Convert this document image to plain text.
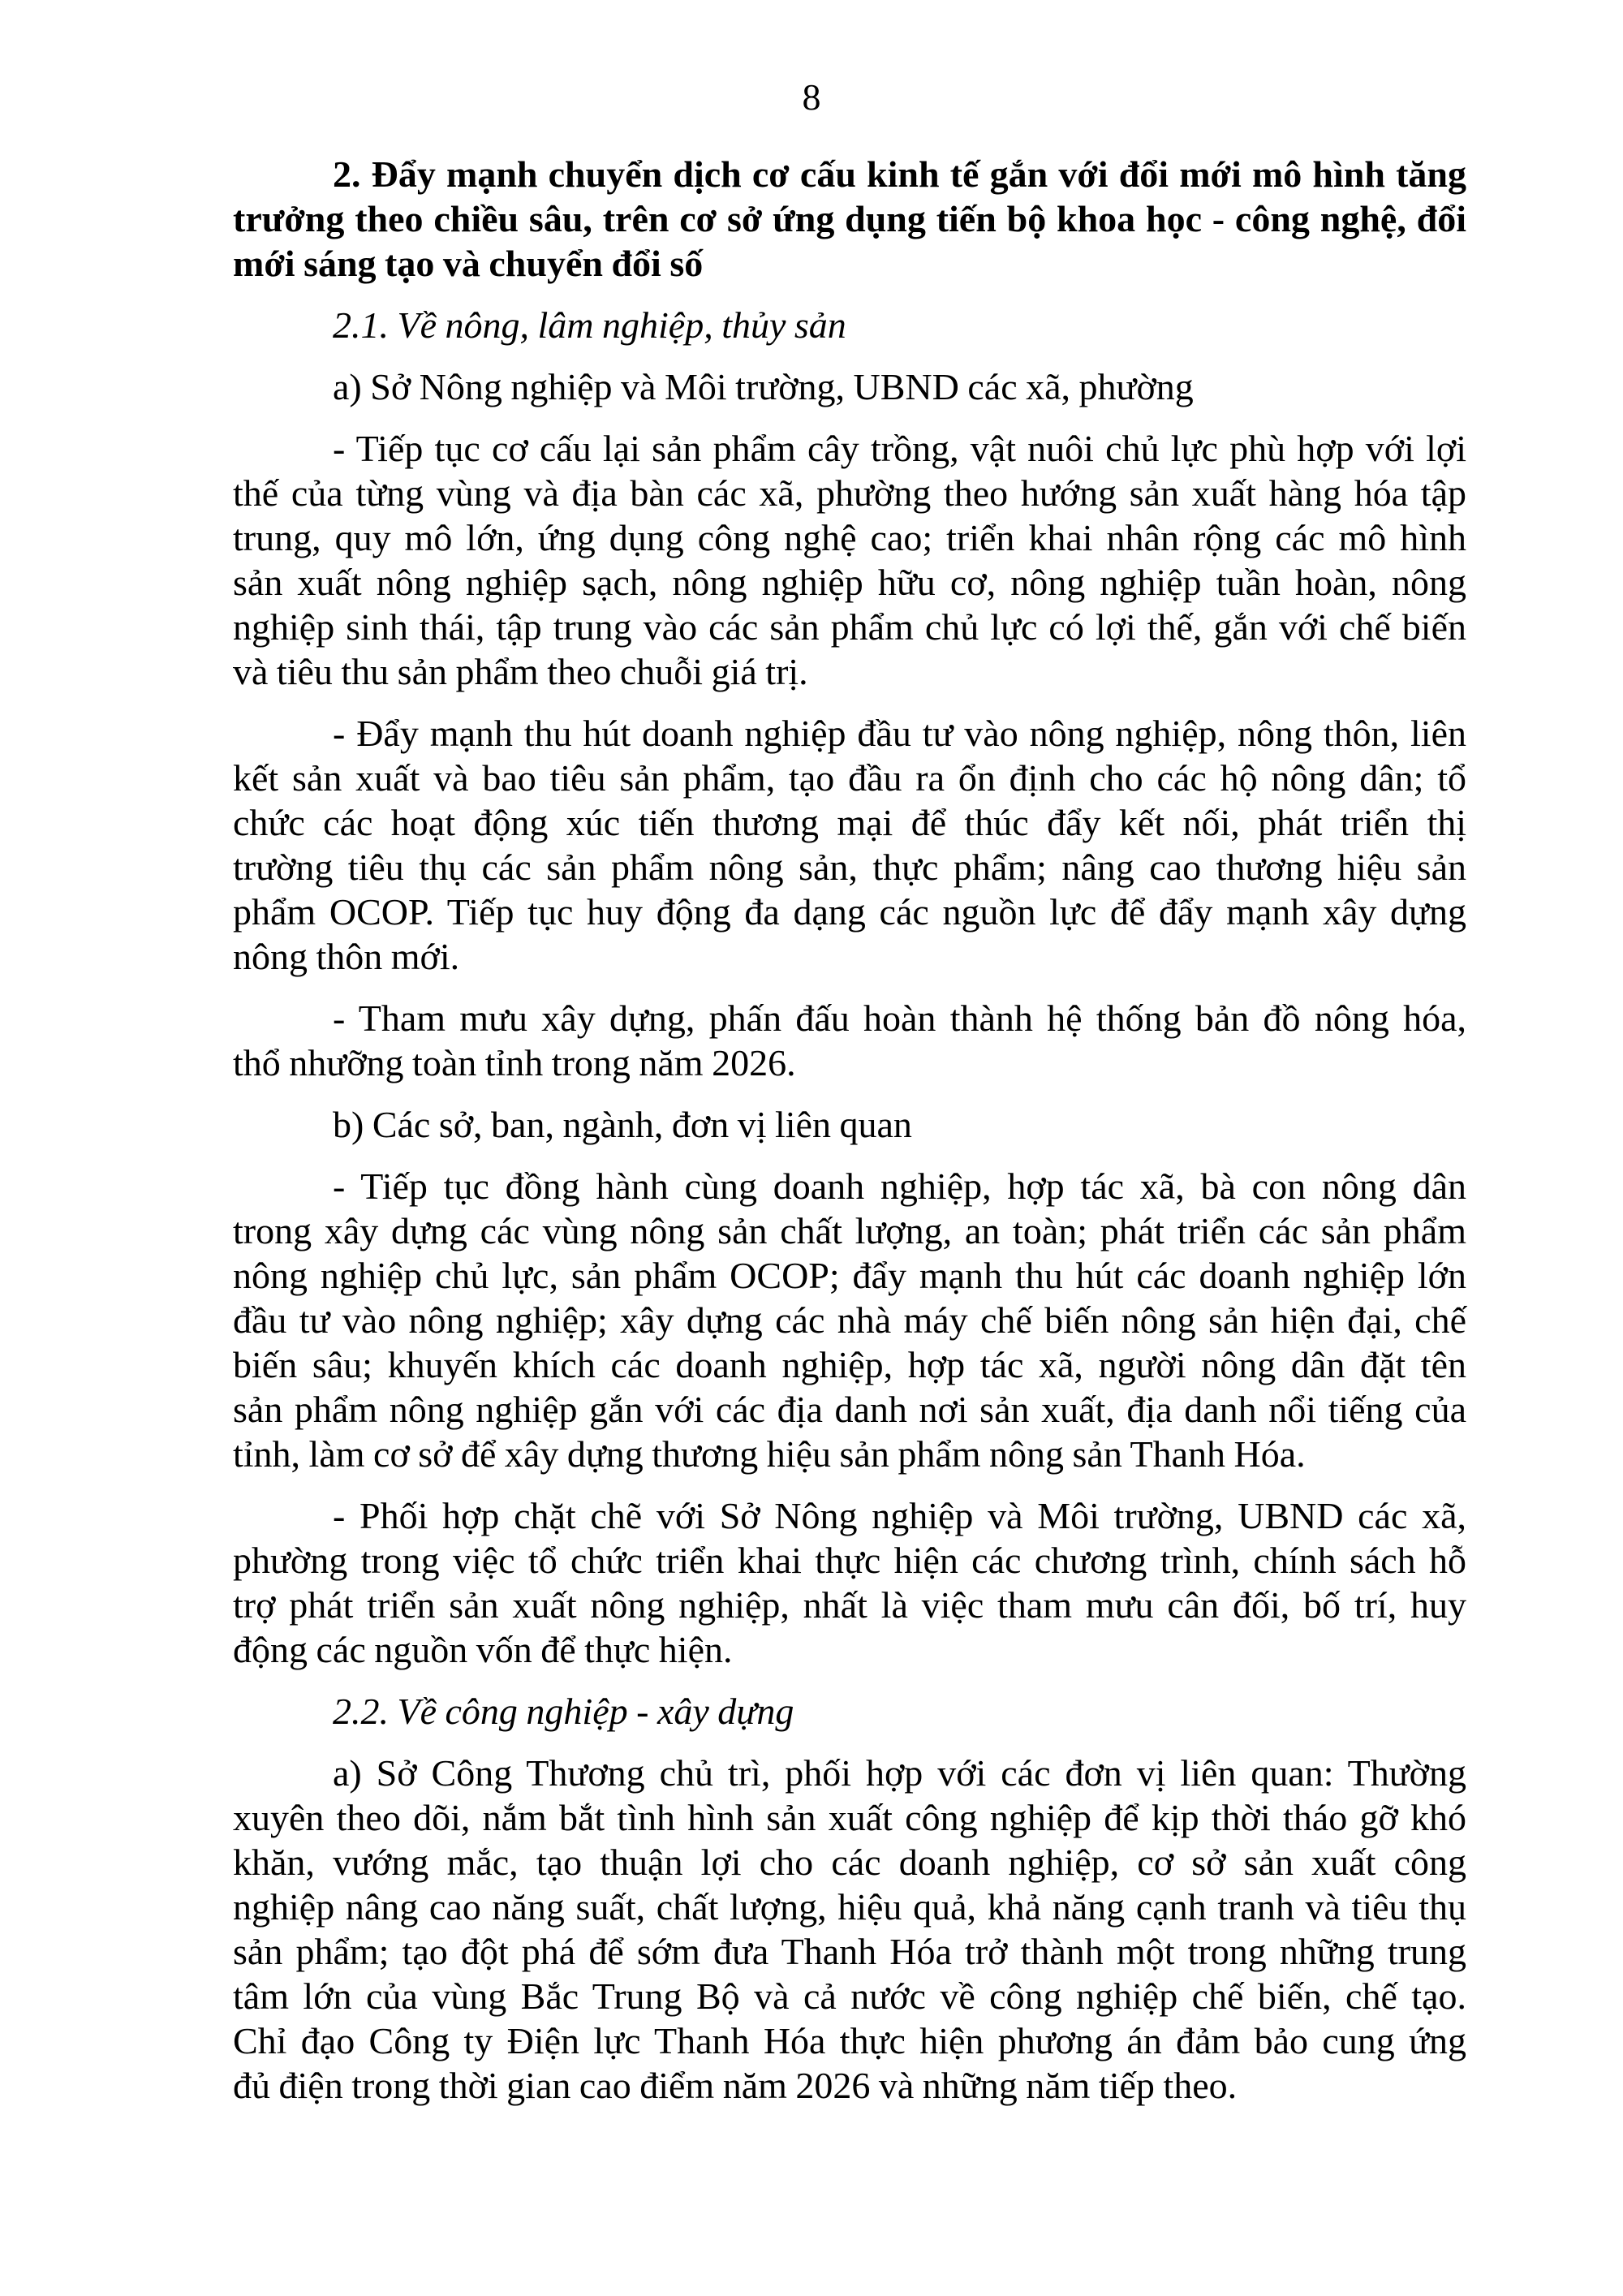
8
2. Đẩy mạnh chuyển dịch cơ cấu kinh tế gắn với đổi mới mô hình tăng
trưởng theo chiều sâu, trên cơ sở ứng dụng tiến bộ khoa học - công nghệ, đổi
mới sáng tạo và chuyển đổi số
2.1. Về nông, lâm nghiệp, thủy sản
a) Sở Nông nghiệp và Môi trường, UBND các xã, phường
- Tiếp tục cơ cấu lại sản phẩm cây trồng, vật nuôi chủ lực phù hợp với lợi
thế của từng vùng và địa bàn các xã, phường theo hướng sản xuất hàng hóa tập
trung, quy mô lớn, ứng dụng công nghệ cao; triển khai nhân rộng các mô hình
sản xuất nông nghiệp sạch, nông nghiệp hữu cơ, nông nghiệp tuần hoàn, nông
nghiệp sinh thái, tập trung vào các sản phẩm chủ lực có lợi thế, gắn với chế biến
và tiêu thu sản phẩm theo chuỗi giá trị.
- Đẩy mạnh thu hút doanh nghiệp đầu tư vào nông nghiệp, nông thôn, liên
kết sản xuất và bao tiêu sản phẩm, tạo đầu ra ổn định cho các hộ nông dân; tổ
chức các hoạt động xúc tiến thương mại để thúc đẩy kết nối, phát triển thị
trường tiêu thụ các sản phẩm nông sản, thực phẩm; nâng cao thương hiệu sản
phẩm OCOP. Tiếp tục huy động đa dạng các nguồn lực để đẩy mạnh xây dựng
nông thôn mới.
- Tham mưu xây dựng, phấn đấu hoàn thành hệ thống bản đồ nông hóa,
thổ nhưỡng toàn tỉnh trong năm 2026.
b) Các sở, ban, ngành, đơn vị liên quan
- Tiếp tục đồng hành cùng doanh nghiệp, hợp tác xã, bà con nông dân
trong xây dựng các vùng nông sản chất lượng, an toàn; phát triển các sản phẩm
nông nghiệp chủ lực, sản phẩm OCOP; đẩy mạnh thu hút các doanh nghiệp lớn
đầu tư vào nông nghiệp; xây dựng các nhà máy chế biến nông sản hiện đại, chế
biến sâu; khuyến khích các doanh nghiệp, hợp tác xã, người nông dân đặt tên
sản phẩm nông nghiệp gắn với các địa danh nơi sản xuất, địa danh nổi tiếng của
tỉnh, làm cơ sở để xây dựng thương hiệu sản phẩm nông sản Thanh Hóa.
- Phối hợp chặt chẽ với Sở Nông nghiệp và Môi trường, UBND các xã,
phường trong việc tổ chức triển khai thực hiện các chương trình, chính sách hỗ
trợ phát triển sản xuất nông nghiệp, nhất là việc tham mưu cân đối, bố trí, huy
động các nguồn vốn để thực hiện.
2.2. Về công nghiệp - xây dựng
a) Sở Công Thương chủ trì, phối hợp với các đơn vị liên quan: Thường
xuyên theo dõi, nắm bắt tình hình sản xuất công nghiệp để kịp thời tháo gỡ khó
khăn, vướng mắc, tạo thuận lợi cho các doanh nghiệp, cơ sở sản xuất công
nghiệp nâng cao năng suất, chất lượng, hiệu quả, khả năng cạnh tranh và tiêu thụ
sản phẩm; tạo đột phá để sớm đưa Thanh Hóa trở thành một trong những trung
tâm lớn của vùng Bắc Trung Bộ và cả nước về công nghiệp chế biến, chế tạo.
Chỉ đạo Công ty Điện lực Thanh Hóa thực hiện phương án đảm bảo cung ứng
đủ điện trong thời gian cao điểm năm 2026 và những năm tiếp theo.
